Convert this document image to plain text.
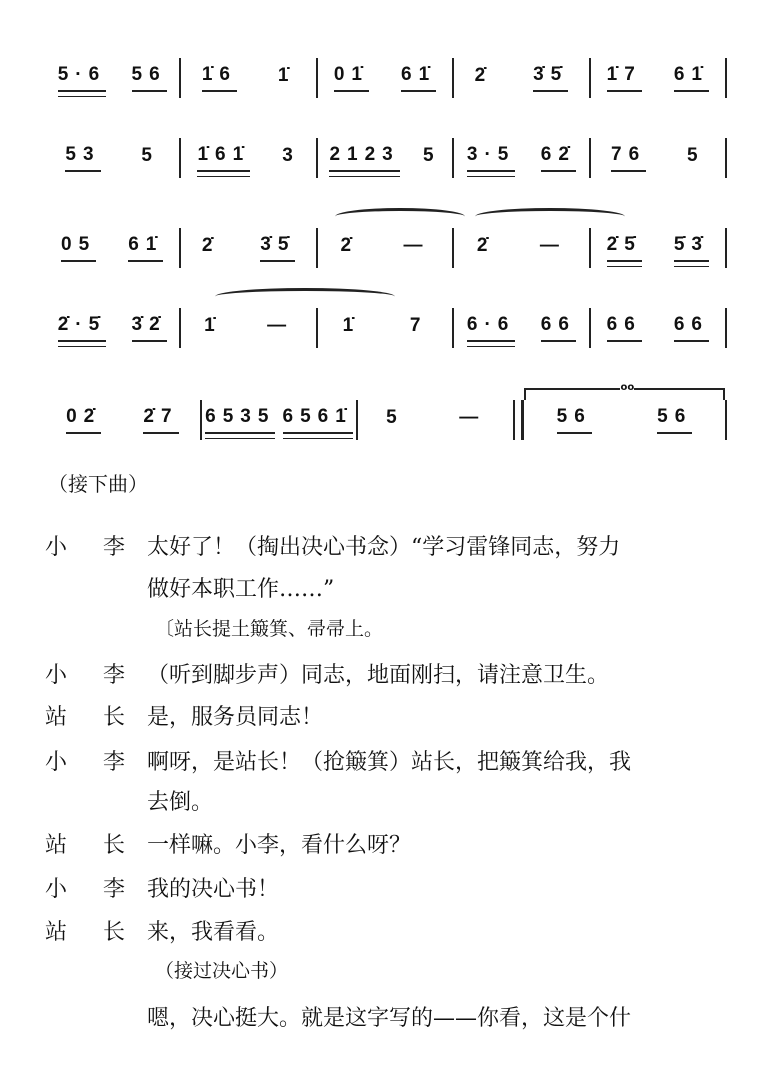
5·6 56 1̇6 1̇ 01̇ 61̇ 2̇ 3̇5̇ 1̇7 61̇
53 5 1̇61̇ 3 2123 5 3·5 62̇ 76 5
05 61̇ 2̇ 3̇5̇ 2̇ — 2̇ — 2̇5̇ 5̇3̇
2̇·5̇ 3̇2̇ 1̇ —	1̇	7 6·6 66 66 66
02̇ 2̇7 6535 6561̇ 5	—
oo
56	56
（接下曲）
小 李 太好了！（掏出决心书念）“学习雷锋同志，努力
做好本职工作……”
〔站长提土簸箕、帚帚上。
小 李 （听到脚步声）同志，地面刚扫，请注意卫生。
站 长 是，服务员同志！
小 李 啊呀，是站长！（抢簸箕）站长，把簸箕给我，我
去倒。
站 长 一样嘛。小李，看什么呀？
小 李 我的决心书！
站 长 来，我看看。
（接过决心书）
嗯，决心挺大。就是这字写的——你看，这是个什
